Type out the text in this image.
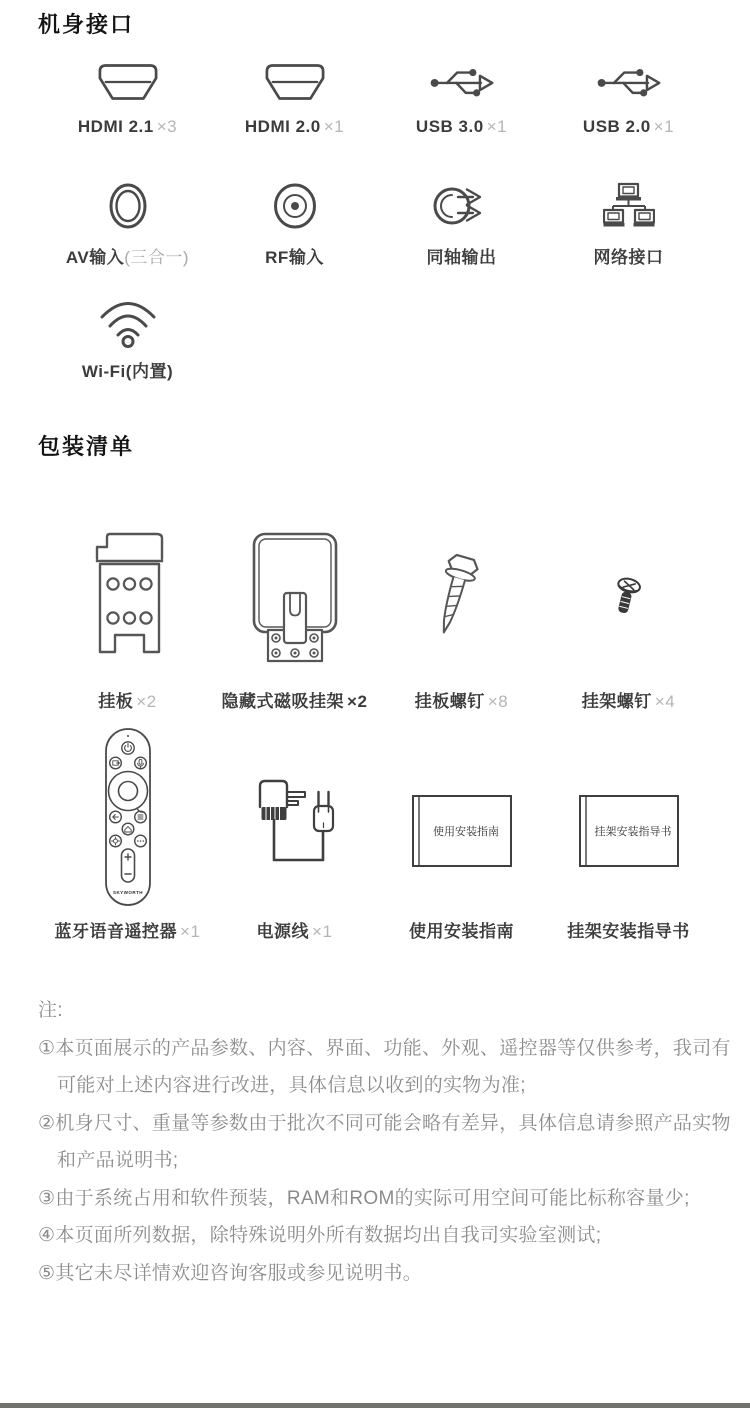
机身接口
HDMI 2.1 ×3	HDMI 2.0 ×1	USB 3.0 ×1	USB 2.0 ×1
AV输入(三合一)	RF输入	同轴输出	网络接口
Wi-Fi(内置)
包装清单
挂板 ×2	隐藏式磁吸挂架 ×2	挂板螺钉 ×8	挂架螺钉 ×4
SKYWORTH
蓝牙语音遥控器 ×1	电源线 ×1
使用安装指南
使用安装指南
挂架安装指导书
挂架安装指导书
注:
①本页面展示的产品参数、内容、界面、功能、外观、遥控器等仅供参考，我司有
可能对上述内容进行改进，具体信息以收到的实物为准;
②机身尺寸、重量等参数由于批次不同可能会略有差异，具体信息请参照产品实物
和产品说明书;
③由于系统占用和软件预装，RAM和ROM的实际可用空间可能比标称容量少;
④本页面所列数据，除特殊说明外所有数据均出自我司实验室测试;
⑤其它未尽详情欢迎咨询客服或参见说明书。
